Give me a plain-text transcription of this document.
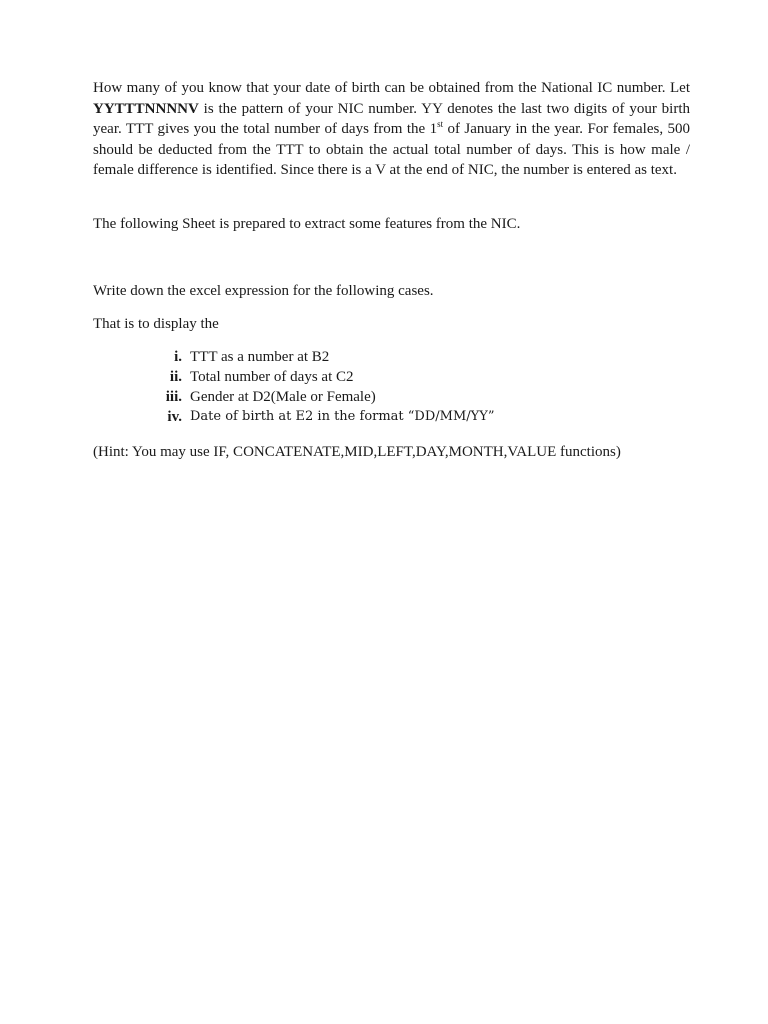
How many of you know that your date of birth can be obtained from the National IC number. Let YYTTTNNNNV is the pattern of your NIC number. YY denotes the last two digits of your birth year. TTT gives you the total number of days from the 1st of January in the year. For females, 500 should be deducted from the TTT to obtain the actual total number of days. This is how male / female difference is identified. Since there is a V at the end of NIC, the number is entered as text.

The following Sheet is prepared to extract some features from the NIC.

Write down the excel expression for the following cases.

That is to display the

i. TTT as a number at B2
ii. Total number of days at C2
iii. Gender at D2(Male or Female)
iv. Date of birth at E2 in the format “DD/MM/YY”

(Hint: You may use IF, CONCATENATE,MID,LEFT,DAY,MONTH,VALUE functions)
